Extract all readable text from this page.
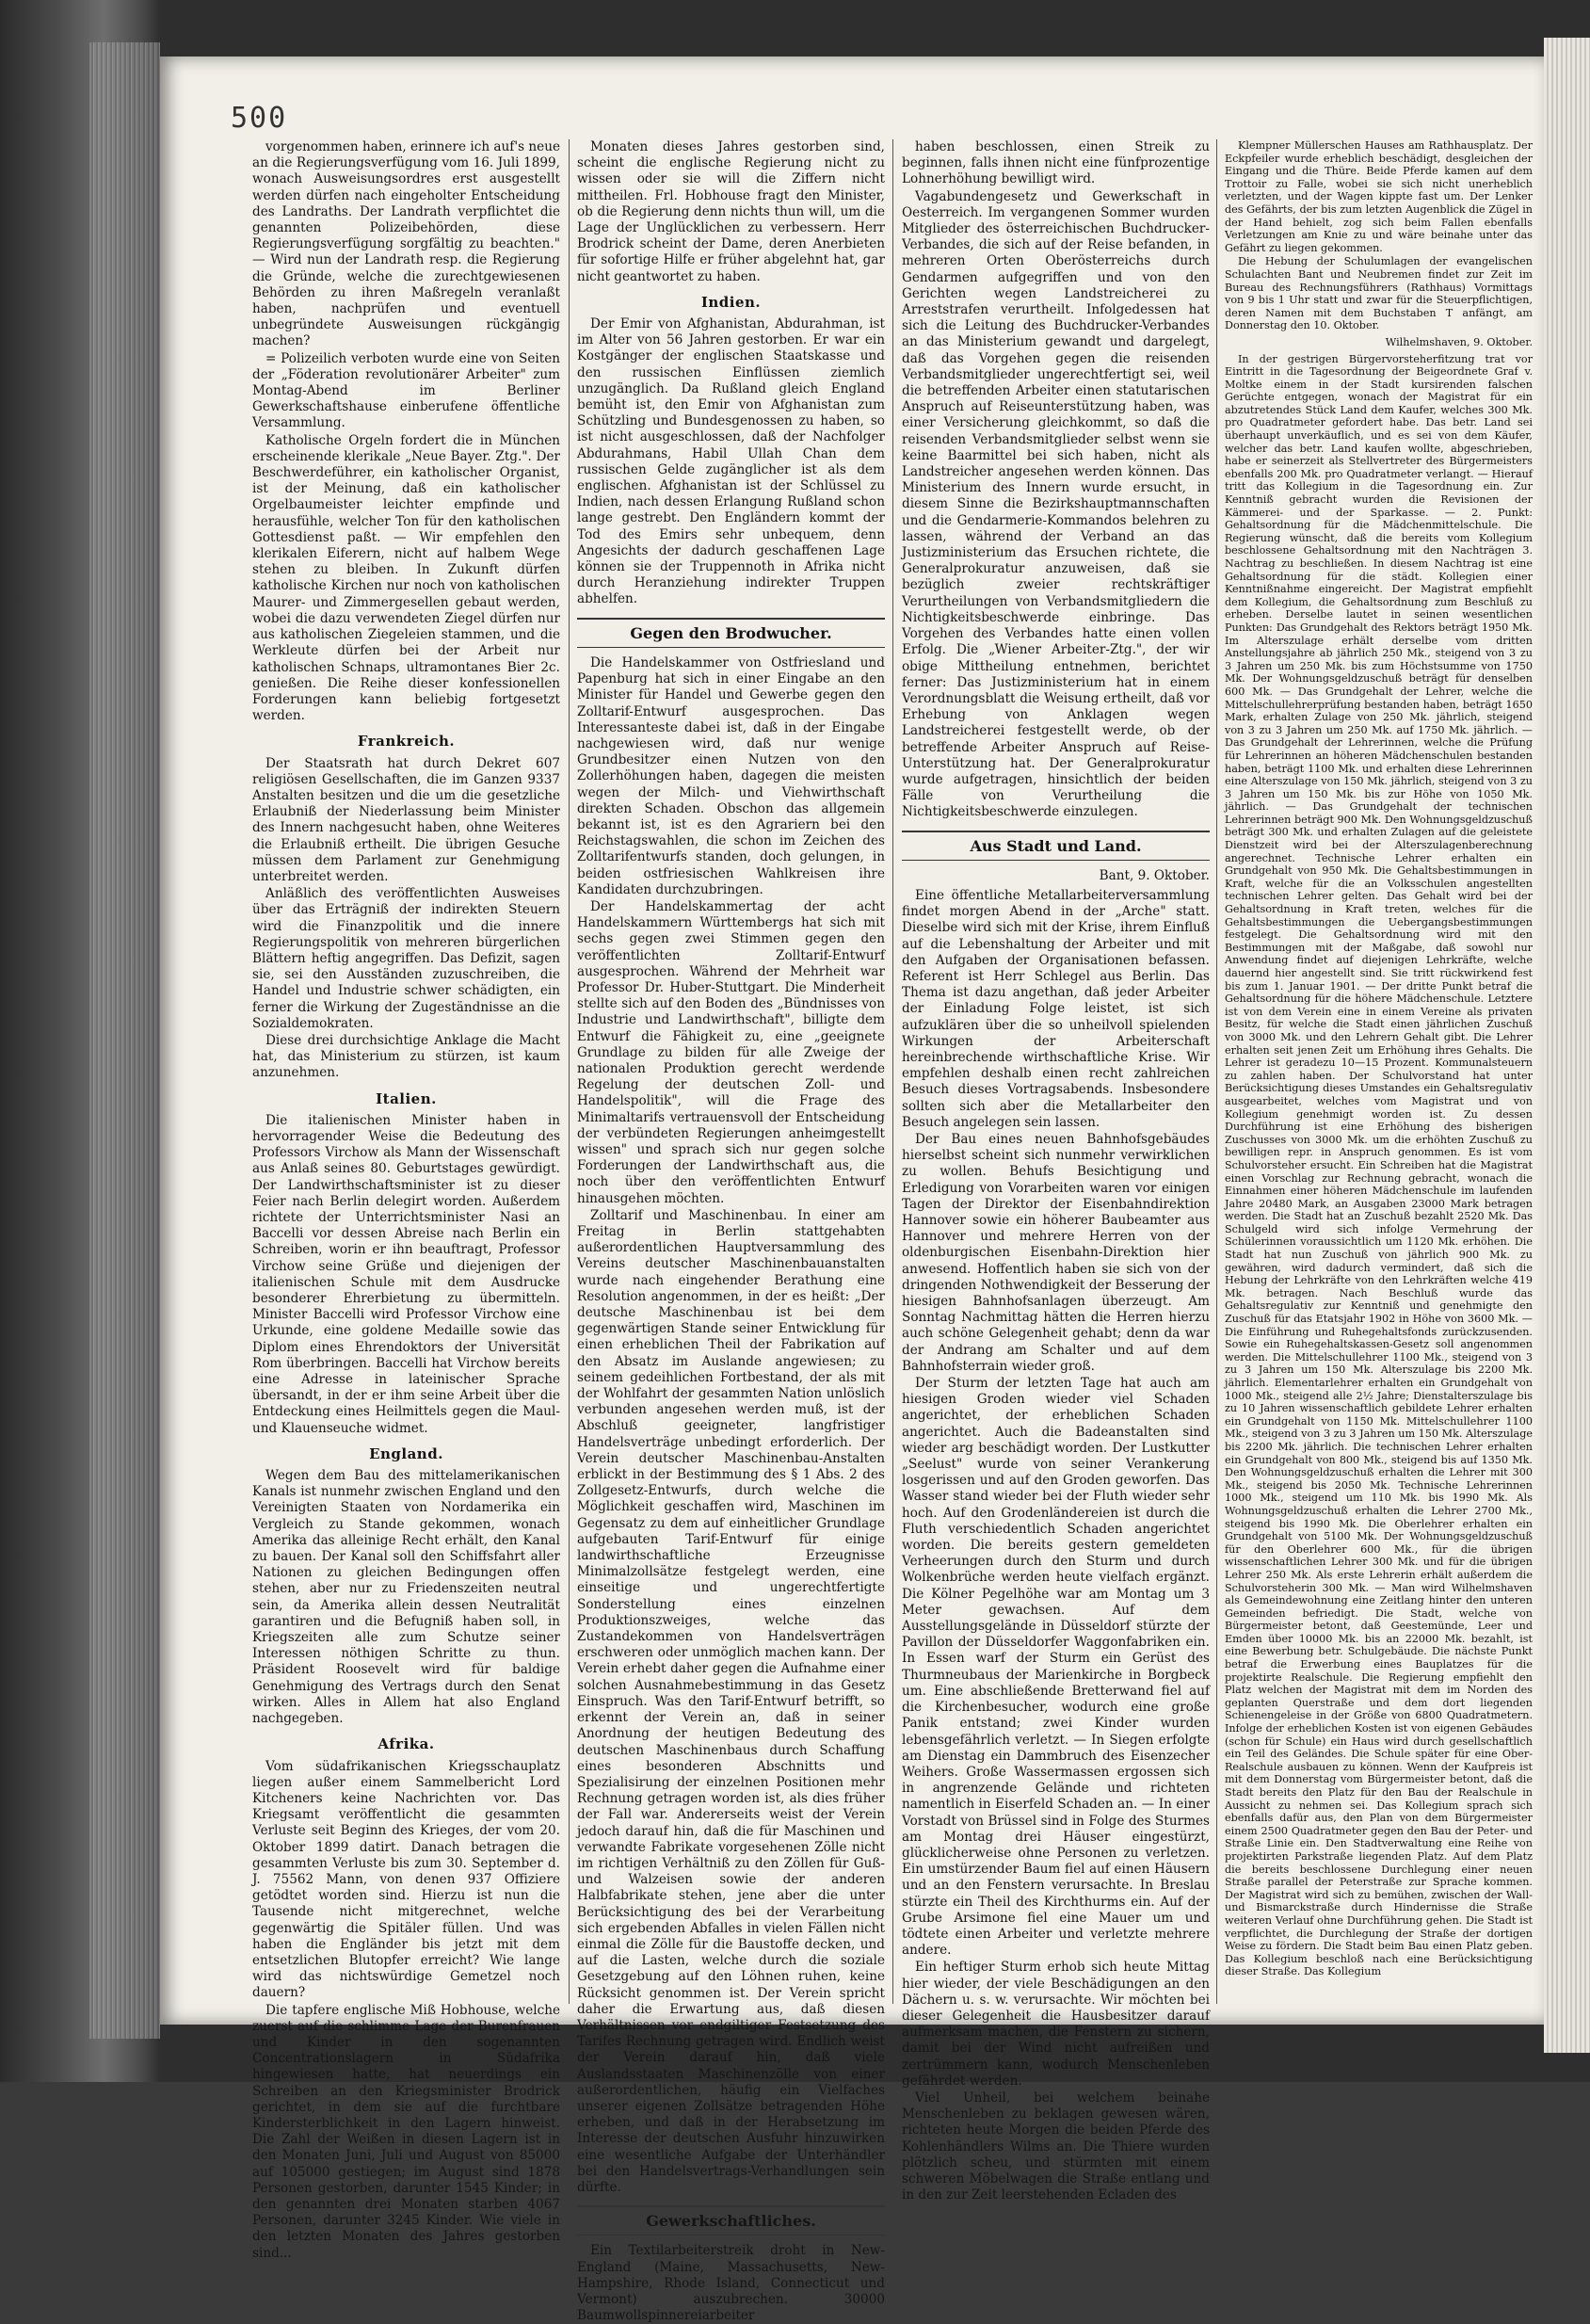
500

vorgenommen haben, erinnere ich auf's neue an die Regierungsverfügung vom 16. Juli 1899, wonach Ausweisungsordres erst ausgestellt werden dürfen nach eingeholter Entscheidung des Landraths. Der Landrath verpflichtet die genannten Polizeibehörden, diese Regierungsverfügung sorgfältig zu beachten." — Wird nun der Landrath resp. die Regierung die Gründe, welche die zurechtgewiesenen Behörden zu ihren Maßregeln veranlaßt haben, nachprüfen und eventuell unbegründete Ausweisungen rückgängig machen?

= Polizeilich verboten wurde eine von Seiten der „Föderation revolutionärer Arbeiter" zum Montag-Abend im Berliner Gewerkschaftshause einberufene öffentliche Versammlung.

Katholische Orgeln fordert die in München erscheinende klerikale „Neue Bayer. Ztg.". Der Beschwerdeführer, ein katholischer Organist, ist der Meinung, daß ein katholischer Orgelbaumeister leichter empfinde und herausfühle, welcher Ton für den katholischen Gottesdienst paßt. — Wir empfehlen den klerikalen Eiferern, nicht auf halbem Wege stehen zu bleiben. In Zukunft dürfen katholische Kirchen nur noch von katholischen Maurer- und Zimmergesellen gebaut werden, wobei die dazu verwendeten Ziegel dürfen nur aus katholischen Ziegeleien stammen, und die Werkleute dürfen bei der Arbeit nur katholischen Schnaps, ultramontanes Bier 2c. genießen. Die Reihe dieser konfessionellen Forderungen kann beliebig fortgesetzt werden.

Frankreich.

Der Staatsrath hat durch Dekret 607 religiösen Gesellschaften, die im Ganzen 9337 Anstalten besitzen und die um die gesetzliche Erlaubniß der Niederlassung beim Minister des Innern nachgesucht haben, ohne Weiteres die Erlaubniß ertheilt. Die übrigen Gesuche müssen dem Parlament zur Genehmigung unterbreitet werden.

Anläßlich des veröffentlichten Ausweises über das Erträgniß der indirekten Steuern wird die Finanzpolitik und die innere Regierungspolitik von mehreren bürgerlichen Blättern heftig angegriffen. Das Defizit, sagen sie, sei den Ausständen zuzuschreiben, die Handel und Industrie schwer schädigten, ein ferner die Wirkung der Zugeständnisse an die Sozialdemokraten.

Diese drei durchsichtige Anklage die Macht hat, das Ministerium zu stürzen, ist kaum anzunehmen.

Italien.

Die italienischen Minister haben in hervorragender Weise die Bedeutung des Professors Virchow als Mann der Wissenschaft aus Anlaß seines 80. Geburtstages gewürdigt. Der Landwirthschaftsminister ist zu dieser Feier nach Berlin delegirt worden. Außerdem richtete der Unterrichtsminister Nasi an Baccelli vor dessen Abreise nach Berlin ein Schreiben, worin er ihn beauftragt, Professor Virchow seine Grüße und diejenigen der italienischen Schule mit dem Ausdrucke besonderer Ehrerbietung zu übermitteln. Minister Baccelli wird Professor Virchow eine Urkunde, eine goldene Medaille sowie das Diplom eines Ehrendoktors der Universität Rom überbringen. Baccelli hat Virchow bereits eine Adresse in lateinischer Sprache übersandt, in der er ihm seine Arbeit über die Entdeckung eines Heilmittels gegen die Maul- und Klauenseuche widmet.

England.

Wegen dem Bau des mittelamerikanischen Kanals ist nunmehr zwischen England und den Vereinigten Staaten von Nordamerika ein Vergleich zu Stande gekommen, wonach Amerika das alleinige Recht erhält, den Kanal zu bauen. Der Kanal soll den Schiffsfahrt aller Nationen zu gleichen Bedingungen offen stehen, aber nur zu Friedenszeiten neutral sein, da Amerika allein dessen Neutralität garantiren und die Befugniß haben soll, in Kriegszeiten alle zum Schutze seiner Interessen nöthigen Schritte zu thun. Präsident Roosevelt wird für baldige Genehmigung des Vertrags durch den Senat wirken. Alles in Allem hat also England nachgegeben.

Afrika.

Vom südafrikanischen Kriegsschauplatz liegen außer einem Sammelbericht Lord Kitcheners keine Nachrichten vor. Das Kriegsamt veröffentlicht die gesammten Verluste seit Beginn des Krieges, der vom 20. Oktober 1899 datirt. Danach betragen die gesammten Verluste bis zum 30. September d. J. 75562 Mann, von denen 937 Offiziere getödtet worden sind. Hierzu ist nun die Tausende nicht mitgerechnet, welche gegenwärtig die Spitäler füllen. Und was haben die Engländer bis jetzt mit dem entsetzlichen Blutopfer erreicht? Wie lange wird das nichtswürdige Gemetzel noch dauern?

Die tapfere englische Miß Hobhouse, welche zuerst auf die schlimme Lage der Burenfrauen und Kinder in den sogenannten Concentrationslagern in Südafrika hingewiesen hatte, hat neuerdings ein Schreiben an den Kriegsminister Brodrick gerichtet, in dem sie auf die furchtbare Kindersterblichkeit in den Lagern hinweist. Die Zahl der Weißen in diesen Lagern ist in den Monaten Juni, Juli und August von 85000 auf 105000 gestiegen; im August sind 1878 Personen gestorben, darunter 1545 Kinder; in den genannten drei Monaten starben 4067 Personen, darunter 3245 Kinder. Wie viele in den letzten Monaten des Jahres gestorben sind...

Monaten dieses Jahres gestorben sind, scheint die englische Regierung nicht zu wissen oder sie will die Ziffern nicht mittheilen. Frl. Hobhouse fragt den Minister, ob die Regierung denn nichts thun will, um die Lage der Unglücklichen zu verbessern. Herr Brodrick scheint der Dame, deren Anerbieten für sofortige Hilfe er früher abgelehnt hat, gar nicht geantwortet zu haben.

Indien.

Der Emir von Afghanistan, Abdurahman, ist im Alter von 56 Jahren gestorben. Er war ein Kostgänger der englischen Staatskasse und den russischen Einflüssen ziemlich unzugänglich. Da Rußland gleich England bemüht ist, den Emir von Afghanistan zum Schützling und Bundesgenossen zu haben, so ist nicht ausgeschlossen, daß der Nachfolger Abdurahmans, Habil Ullah Chan dem russischen Gelde zugänglicher ist als dem englischen. Afghanistan ist der Schlüssel zu Indien, nach dessen Erlangung Rußland schon lange gestrebt. Den Engländern kommt der Tod des Emirs sehr unbequem, denn Angesichts der dadurch geschaffenen Lage können sie der Truppennoth in Afrika nicht durch Heranziehung indirekter Truppen abhelfen.

Gegen den Brodwucher.

Die Handelskammer von Ostfriesland und Papenburg hat sich in einer Eingabe an den Minister für Handel und Gewerbe gegen den Zolltarif-Entwurf ausgesprochen. Das Interessanteste dabei ist, daß in der Eingabe nachgewiesen wird, daß nur wenige Grundbesitzer einen Nutzen von den Zollerhöhungen haben, dagegen die meisten wegen der Milch- und Viehwirthschaft direkten Schaden. Obschon das allgemein bekannt ist, ist es den Agrariern bei den Reichstagswahlen, die schon im Zeichen des Zolltarifentwurfs standen, doch gelungen, in beiden ostfriesischen Wahlkreisen ihre Kandidaten durchzubringen.

Der Handelskammertag der acht Handelskammern Württembergs hat sich mit sechs gegen zwei Stimmen gegen den veröffentlichten Zolltarif-Entwurf ausgesprochen. Während der Mehrheit war Professor Dr. Huber-Stuttgart. Die Minderheit stellte sich auf den Boden des „Bündnisses von Industrie und Landwirthschaft", billigte dem Entwurf die Fähigkeit zu, eine „geeignete Grundlage zu bilden für alle Zweige der nationalen Produktion gerecht werdende Regelung der deutschen Zoll- und Handelspolitik", will die Frage des Minimaltarifs vertrauensvoll der Entscheidung der verbündeten Regierungen anheimgestellt wissen" und sprach sich nur gegen solche Forderungen der Landwirthschaft aus, die noch über den veröffentlichten Entwurf hinausgehen möchten.

Zolltarif und Maschinenbau. In einer am Freitag in Berlin stattgehabten außerordentlichen Hauptversammlung des Vereins deutscher Maschinenbauanstalten wurde nach eingehender Berathung eine Resolution angenommen, in der es heißt: „Der deutsche Maschinenbau ist bei dem gegenwärtigen Stande seiner Entwicklung für einen erheblichen Theil der Fabrikation auf den Absatz im Auslande angewiesen; zu seinem gedeihlichen Fortbestand, der als mit der Wohlfahrt der gesammten Nation unlöslich verbunden angesehen werden muß, ist der Abschluß geeigneter, langfristiger Handelsverträge unbedingt erforderlich. Der Verein deutscher Maschinenbau-Anstalten erblickt in der Bestimmung des § 1 Abs. 2 des Zollgesetz-Entwurfs, durch welche die Möglichkeit geschaffen wird, Maschinen im Gegensatz zu dem auf einheitlicher Grundlage aufgebauten Tarif-Entwurf für einige landwirthschaftliche Erzeugnisse Minimalzollsätze festgelegt werden, eine einseitige und ungerechtfertigte Sonderstellung eines einzelnen Produktionszweiges, welche das Zustandekommen von Handelsverträgen erschweren oder unmöglich machen kann. Der Verein erhebt daher gegen die Aufnahme einer solchen Ausnahmebestimmung in das Gesetz Einspruch. Was den Tarif-Entwurf betrifft, so erkennt der Verein an, daß in seiner Anordnung der heutigen Bedeutung des deutschen Maschinenbaus durch Schaffung eines besonderen Abschnitts und Spezialisirung der einzelnen Positionen mehr Rechnung getragen worden ist, als dies früher der Fall war. Andererseits weist der Verein jedoch darauf hin, daß die für Maschinen und verwandte Fabrikate vorgesehenen Zölle nicht im richtigen Verhältniß zu den Zöllen für Guß- und Walzeisen sowie der anderen Halbfabrikate stehen, jene aber die unter Berücksichtigung des bei der Verarbeitung sich ergebenden Abfalles in vielen Fällen nicht einmal die Zölle für die Baustoffe decken, und auf die Lasten, welche durch die soziale Gesetzgebung auf den Löhnen ruhen, keine Rücksicht genommen ist. Der Verein spricht daher die Erwartung aus, daß diesen Verhältnissen vor endgiltiger Festsetzung des Tarifes Rechnung getragen wird. Endlich weist der Verein darauf hin, daß viele Auslandsstaaten Maschinenzölle von einer außerordentlichen, häufig ein Vielfaches unserer eigenen Zollsätze betragenden Höhe erheben, und daß in der Herabsetzung im Interesse der deutschen Ausfuhr hinzuwirken eine wesentliche Aufgabe der Unterhändler bei den Handelsvertrags-Verhandlungen sein dürfte.

Gewerkschaftliches.

Ein Textilarbeiterstreik droht in New-England (Maine, Massachusetts, New-Hampshire, Rhode Island, Connecticut und Vermont) auszubrechen. 30000 Baumwollspinnereiarbeiter

haben beschlossen, einen Streik zu beginnen, falls ihnen nicht eine fünfprozentige Lohnerhöhung bewilligt wird.

Vagabundengesetz und Gewerkschaft in Oesterreich. Im vergangenen Sommer wurden Mitglieder des österreichischen Buchdrucker-Verbandes, die sich auf der Reise befanden, in mehreren Orten Oberösterreichs durch Gendarmen aufgegriffen und von den Gerichten wegen Landstreicherei zu Arreststrafen verurtheilt. Infolgedessen hat sich die Leitung des Buchdrucker-Verbandes an das Ministerium gewandt und dargelegt, daß das Vorgehen gegen die reisenden Verbandsmitglieder ungerechtfertigt sei, weil die betreffenden Arbeiter einen statutarischen Anspruch auf Reiseunterstützung haben, was einer Versicherung gleichkommt, so daß die reisenden Verbandsmitglieder selbst wenn sie keine Baarmittel bei sich haben, nicht als Landstreicher angesehen werden können. Das Ministerium des Innern wurde ersucht, in diesem Sinne die Bezirkshauptmannschaften und die Gendarmerie-Kommandos belehren zu lassen, während der Verband an das Justizministerium das Ersuchen richtete, die Generalprokuratur anzuweisen, daß sie bezüglich zweier rechtskräftiger Verurtheilungen von Verbandsmitgliedern die Nichtigkeitsbeschwerde einbringe. Das Vorgehen des Verbandes hatte einen vollen Erfolg. Die „Wiener Arbeiter-Ztg.", der wir obige Mittheilung entnehmen, berichtet ferner: Das Justizministerium hat in einem Verordnungsblatt die Weisung ertheilt, daß vor Erhebung von Anklagen wegen Landstreicherei festgestellt werde, ob der betreffende Arbeiter Anspruch auf Reise-Unterstützung hat. Der Generalprokuratur wurde aufgetragen, hinsichtlich der beiden Fälle von Verurtheilung die Nichtigkeitsbeschwerde einzulegen.

Aus Stadt und Land.

Bant, 9. Oktober.

Eine öffentliche Metallarbeiterversammlung findet morgen Abend in der „Arche" statt. Dieselbe wird sich mit der Krise, ihrem Einfluß auf die Lebenshaltung der Arbeiter und mit den Aufgaben der Organisationen befassen. Referent ist Herr Schlegel aus Berlin. Das Thema ist dazu angethan, daß jeder Arbeiter der Einladung Folge leistet, ist sich aufzuklären über die so unheilvoll spielenden Wirkungen der Arbeiterschaft hereinbrechende wirthschaftliche Krise. Wir empfehlen deshalb einen recht zahlreichen Besuch dieses Vortragsabends. Insbesondere sollten sich aber die Metallarbeiter den Besuch angelegen sein lassen.

Der Bau eines neuen Bahnhofsgebäudes hierselbst scheint sich nunmehr verwirklichen zu wollen. Behufs Besichtigung und Erledigung von Vorarbeiten waren vor einigen Tagen der Direktor der Eisenbahndirektion Hannover sowie ein höherer Baubeamter aus Hannover und mehrere Herren von der oldenburgischen Eisenbahn-Direktion hier anwesend. Hoffentlich haben sie sich von der dringenden Nothwendigkeit der Besserung der hiesigen Bahnhofsanlagen überzeugt. Am Sonntag Nachmittag hätten die Herren hierzu auch schöne Gelegenheit gehabt; denn da war der Andrang am Schalter und auf dem Bahnhofsterrain wieder groß.

Der Sturm der letzten Tage hat auch am hiesigen Groden wieder viel Schaden angerichtet, der erheblichen Schaden angerichtet. Auch die Badeanstalten sind wieder arg beschädigt worden. Der Lustkutter „Seelust" wurde von seiner Verankerung losgerissen und auf den Groden geworfen. Das Wasser stand wieder bei der Fluth wieder sehr hoch. Auf den Grodenländereien ist durch die Fluth verschiedentlich Schaden angerichtet worden. Die bereits gestern gemeldeten Verheerungen durch den Sturm und durch Wolkenbrüche werden heute vielfach ergänzt. Die Kölner Pegelhöhe war am Montag um 3 Meter gewachsen. Auf dem Ausstellungsgelände in Düsseldorf stürzte der Pavillon der Düsseldorfer Waggonfabriken ein. In Essen warf der Sturm ein Gerüst des Thurmneubaus der Marienkirche in Borgbeck um. Eine abschließende Bretterwand fiel auf die Kirchenbesucher, wodurch eine große Panik entstand; zwei Kinder wurden lebensgefährlich verletzt. — In Siegen erfolgte am Dienstag ein Dammbruch des Eisenzecher Weihers. Große Wassermassen ergossen sich in angrenzende Gelände und richteten namentlich in Eiserfeld Schaden an. — In einer Vorstadt von Brüssel sind in Folge des Sturmes am Montag drei Häuser eingestürzt, glücklicherweise ohne Personen zu verletzen. Ein umstürzender Baum fiel auf einen Häusern und an den Fenstern verursachte. In Breslau stürzte ein Theil des Kirchthurms ein. Auf der Grube Arsimone fiel eine Mauer um und tödtete einen Arbeiter und verletzte mehrere andere.

Ein heftiger Sturm erhob sich heute Mittag hier wieder, der viele Beschädigungen an den Dächern u. s. w. verursachte. Wir möchten bei dieser Gelegenheit die Hausbesitzer darauf aufmerksam machen, die Fenstern zu sichern, damit bei der Wind nicht aufreißen und zertrümmern kann, wodurch Menschenleben gefährdet werden.

Viel Unheil, bei welchem beinahe Menschenleben zu beklagen gewesen wären, richteten heute Morgen die beiden Pferde des Kohlenhändlers Wilms an. Die Thiere wurden plötzlich scheu, und stürmten mit einem schweren Möbelwagen die Straße entlang und in den zur Zeit leerstehenden Ecladen des

Klempner Müllerschen Hauses am Rathhausplatz. Der Eckpfeiler wurde erheblich beschädigt, desgleichen der Eingang und die Thüre. Beide Pferde kamen auf dem Trottoir zu Falle, wobei sie sich nicht unerheblich verletzten, und der Wagen kippte fast um. Der Lenker des Gefährts, der bis zum letzten Augenblick die Zügel in der Hand behielt, zog sich beim Fallen ebenfalls Verletzungen am Knie zu und wäre beinahe unter das Gefährt zu liegen gekommen.

Die Hebung der Schulumlagen der evangelischen Schulachten Bant und Neubremen findet zur Zeit im Bureau des Rechnungsführers (Rathhaus) Vormittags von 9 bis 1 Uhr statt und zwar für die Steuerpflichtigen, deren Namen mit dem Buchstaben T anfängt, am Donnerstag den 10. Oktober.

Wilhelmshaven, 9. Oktober.

In der gestrigen Bürgervorsteherfitzung trat vor Eintritt in die Tagesordnung der Beigeordnete Graf v. Moltke einem in der Stadt kursirenden falschen Gerüchte entgegen, wonach der Magistrat für ein abzutretendes Stück Land dem Kaufer, welches 300 Mk. pro Quadratmeter gefordert habe. Das betr. Land sei überhaupt unverkäuflich, und es sei von dem Käufer, welcher das betr. Land kaufen wollte, abgeschrieben, habe er seinerzeit als Stellvertreter des Bürgermeisters ebenfalls 200 Mk. pro Quadratmeter verlangt. — Hierauf tritt das Kollegium in die Tagesordnung ein. Zur Kenntniß gebracht wurden die Revisionen der Kämmerei- und der Sparkasse. — 2. Punkt: Gehaltsordnung für die Mädchenmittelschule. Die Regierung wünscht, daß die bereits vom Kollegium beschlossene Gehaltsordnung mit den Nachträgen 3. Nachtrag zu beschließen. In diesem Nachtrag ist eine Gehaltsordnung für die städt. Kollegien einer Kenntnißnahme eingereicht. Der Magistrat empfiehlt dem Kollegium, die Gehaltsordnung zum Beschluß zu erheben. Derselbe lautet in seinen wesentlichen Punkten: Das Grundgehalt des Rektors beträgt 1950 Mk. Im Alterszulage erhält derselbe vom dritten Anstellungsjahre ab jährlich 250 Mk., steigend von 3 zu 3 Jahren um 250 Mk. bis zum Höchstsumme von 1750 Mk. Der Wohnungsgeldzuschuß beträgt für denselben 600 Mk. — Das Grundgehalt der Lehrer, welche die Mittelschullehrerprüfung bestanden haben, beträgt 1650 Mark, erhalten Zulage von 250 Mk. jährlich, steigend von 3 zu 3 Jahren um 250 Mk. auf 1750 Mk. jährlich. — Das Grundgehalt der Lehrerinnen, welche die Prüfung für Lehrerinnen an höheren Mädchenschulen bestanden haben, beträgt 1100 Mk. und erhalten diese Lehrerinnen eine Alterszulage von 150 Mk. jährlich, steigend von 3 zu 3 Jahren um 150 Mk. bis zur Höhe von 1050 Mk. jährlich. — Das Grundgehalt der technischen Lehrerinnen beträgt 900 Mk. Den Wohnungsgeldzuschuß beträgt 300 Mk. und erhalten Zulagen auf die geleistete Dienstzeit wird bei der Alterszulagenberechnung angerechnet. Technische Lehrer erhalten ein Grundgehalt von 950 Mk. Die Gehaltsbestimmungen in Kraft, welche für die an Volksschulen angestellten technischen Lehrer gelten. Das Gehalt wird bei der Gehaltsordnung in Kraft treten, welches für die Gehaltsbestimmungen die Uebergangsbestimmungen festgelegt. Die Gehaltsordnung wird mit den Bestimmungen mit der Maßgabe, daß sowohl nur Anwendung findet auf diejenigen Lehrkräfte, welche dauernd hier angestellt sind. Sie tritt rückwirkend fest bis zum 1. Januar 1901. — Der dritte Punkt betraf die Gehaltsordnung für die höhere Mädchenschule. Letztere ist von dem Verein eine in einem Vereine als privaten Besitz, für welche die Stadt einen jährlichen Zuschuß von 3000 Mk. und den Lehrern Gehalt gibt. Die Lehrer erhalten seit jenen Zeit um Erhöhung ihres Gehalts. Die Lehrer ist geradezu 10—15 Prozent. Kommunalsteuern zu zahlen haben. Der Schulvorstand hat unter Berücksichtigung dieses Umstandes ein Gehaltsregulativ ausgearbeitet, welches vom Magistrat und von Kollegium genehmigt worden ist. Zu dessen Durchführung ist eine Erhöhung des bisherigen Zuschusses von 3000 Mk. um die erhöhten Zuschuß zu bewilligen repr. in Anspruch genommen. Es ist vom Schulvorsteher ersucht. Ein Schreiben hat die Magistrat einen Vorschlag zur Rechnung gebracht, wonach die Einnahmen einer höheren Mädchenschule im laufenden Jahre 20480 Mark, an Ausgaben 23000 Mark betragen werden. Die Stadt hat an Zuschuß bezahlt 2520 Mk. Das Schulgeld wird sich infolge Vermehrung der Schülerinnen voraussichtlich um 1120 Mk. erhöhen. Die Stadt hat nun Zuschuß von jährlich 900 Mk. zu gewähren, wird dadurch vermindert, daß sich die Hebung der Lehrkräfte von den Lehrkräften welche 419 Mk. betragen. Nach Beschluß wurde das Gehaltsregulativ zur Kenntniß und genehmigte den Zuschuß für das Etatsjahr 1902 in Höhe von 3600 Mk. — Die Einführung und Ruhegehaltsfonds zurückzusenden. Sowie ein Ruhegehaltskassen-Gesetz soll angenommen werden. Die Mittelschullehrer 1100 Mk., steigend von 3 zu 3 Jahren um 150 Mk. Alterszulage bis 2200 Mk. jährlich. Elementarlehrer erhalten ein Grundgehalt von 1000 Mk., steigend alle 2½ Jahre; Dienstalterszulage bis zu 10 Jahren wissenschaftlich gebildete Lehrer erhalten ein Grundgehalt von 1150 Mk. Mittelschullehrer 1100 Mk., steigend von 3 zu 3 Jahren um 150 Mk. Alterszulage bis 2200 Mk. jährlich. Die technischen Lehrer erhalten ein Grundgehalt von 800 Mk., steigend bis auf 1350 Mk. Den Wohnungsgeldzuschuß erhalten die Lehrer mit 300 Mk., steigend bis 2050 Mk. Technische Lehrerinnen 1000 Mk., steigend um 110 Mk. bis 1990 Mk. Als Wohnungsgeldzuschuß erhalten die Lehrer 2700 Mk., steigend bis 1990 Mk. Die Oberlehrer erhalten ein Grundgehalt von 5100 Mk. Der Wohnungsgeldzuschuß für den Oberlehrer 600 Mk., für die übrigen wissenschaftlichen Lehrer 300 Mk. und für die übrigen Lehrer 250 Mk. Als erste Lehrerin erhält außerdem die Schulvorsteherin 300 Mk. — Man wird Wilhelmshaven als Gemeindewohnung eine Zeitlang hinter den unteren Gemeinden befriedigt. Die Stadt, welche von Bürgermeister betont, daß Geestemünde, Leer und Emden über 10000 Mk. bis an 22000 Mk. bezahlt, ist eine Bewerbung betr. Schulgebäude. Die nächste Punkt betraf die Erwerbung eines Bauplatzes für die projektirte Realschule. Die Regierung empfiehlt den Platz welchen der Magistrat mit dem im Norden des geplanten Querstraße und dem dort liegenden Schienengeleise in der Größe von 6800 Quadratmetern. Infolge der erheblichen Kosten ist von eigenen Gebäudes (schon für Schule) ein Haus wird durch gesellschaftlich ein Teil des Geländes. Die Schule später für eine Ober-Realschule ausbauen zu können. Wenn der Kaufpreis ist mit dem Donnerstag vom Bürgermeister betont, daß die Stadt bereits den Platz für den Bau der Realschule in Aussicht zu nehmen sei. Das Kollegium sprach sich ebenfalls dafür aus, den Plan von dem Bürgermeister einem 2500 Quadratmeter gegen den Bau der Peter- und Straße Linie ein. Den Stadtverwaltung eine Reihe von projektirten Parkstraße liegenden Platz. Auf dem Platz die bereits beschlossene Durchlegung einer neuen Straße parallel der Peterstraße zur Sprache kommen. Der Magistrat wird sich zu bemühen, zwischen der Wall- und Bismarckstraße durch Hindernisse die Straße weiteren Verlauf ohne Durchführung gehen. Die Stadt ist verpflichtet, die Durchlegung der Straße der dortigen Weise zu fördern. Die Stadt beim Bau einen Platz geben. Das Kollegium beschloß nach eine Berücksichtigung dieser Straße. Das Kollegium
